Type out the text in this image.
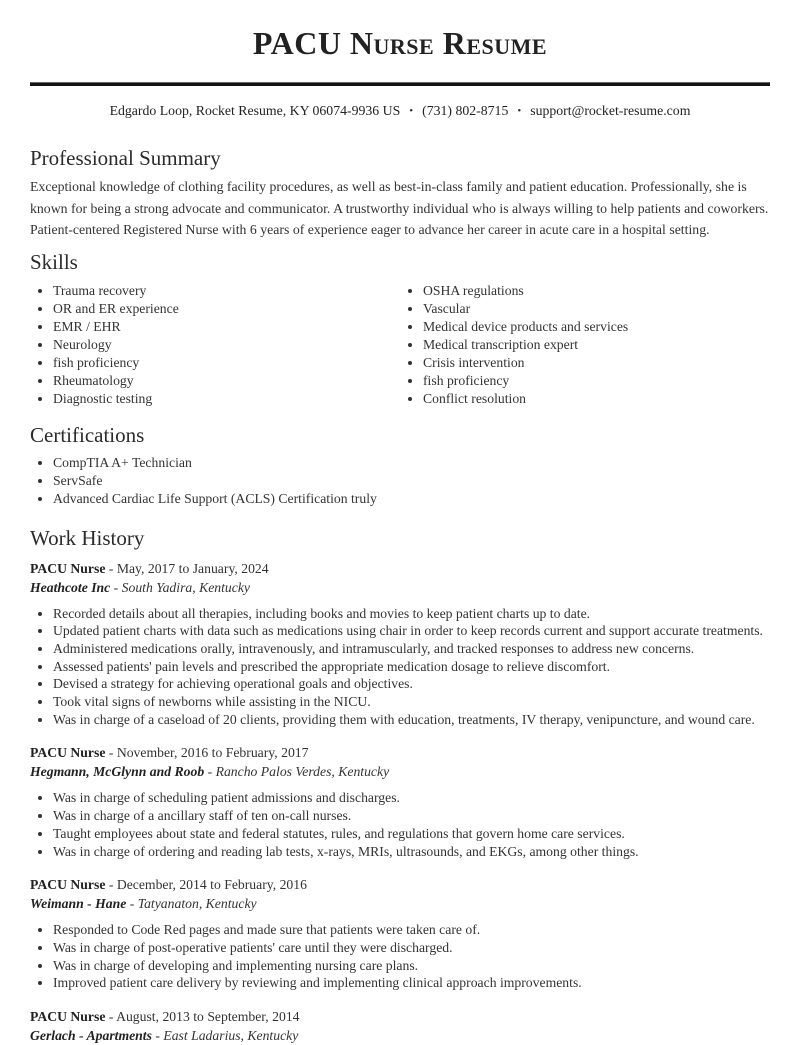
PACU Nurse Resume
Edgardo Loop, Rocket Resume, KY 06074-9936 US • (731) 802-8715 • support@rocket-resume.com
Professional Summary

Exceptional knowledge of clothing facility procedures, as well as best-in-class family and patient education. Professionally, she is known for being a strong advocate and communicator. A trustworthy individual who is always willing to help patients and coworkers. Patient-centered Registered Nurse with 6 years of experience eager to advance her career in acute care in a hospital setting.

Skills
• Trauma recovery
• OR and ER experience
• EMR / EHR
• Neurology
• fish proficiency
• Rheumatology
• Diagnostic testing
• OSHA regulations
• Vascular
• Medical device products and services
• Medical transcription expert
• Crisis intervention
• fish proficiency
• Conflict resolution
Certifications
• CompTIA A+ Technician
• ServSafe
• Advanced Cardiac Life Support (ACLS) Certification truly
Work History

PACU Nurse - May, 2017 to January, 2024

Heathcote Inc - South Yadira, Kentucky

• Recorded details about all therapies, including books and movies to keep patient charts up to date.
• Updated patient charts with data such as medications using chair in order to keep records current and support accurate treatments.
• Administered medications orally, intravenously, and intramuscularly, and tracked responses to address new concerns.
• Assessed patients' pain levels and prescribed the appropriate medication dosage to relieve discomfort.
• Devised a strategy for achieving operational goals and objectives.
• Took vital signs of newborns while assisting in the NICU.
• Was in charge of a caseload of 20 clients, providing them with education, treatments, IV therapy, venipuncture, and wound care.

PACU Nurse - November, 2016 to February, 2017

Hegmann, McGlynn and Roob - Rancho Palos Verdes, Kentucky

• Was in charge of scheduling patient admissions and discharges.
• Was in charge of a ancillary staff of ten on-call nurses.
• Taught employees about state and federal statutes, rules, and regulations that govern home care services.
• Was in charge of ordering and reading lab tests, x-rays, MRIs, ultrasounds, and EKGs, among other things.

PACU Nurse - December, 2014 to February, 2016

Weimann - Hane - Tatyanaton, Kentucky

• Responded to Code Red pages and made sure that patients were taken care of.
• Was in charge of post-operative patients' care until they were discharged.
• Was in charge of developing and implementing nursing care plans.
• Improved patient care delivery by reviewing and implementing clinical approach improvements.

PACU Nurse - August, 2013 to September, 2014

Gerlach - Apartments - East Ladarius, Kentucky
